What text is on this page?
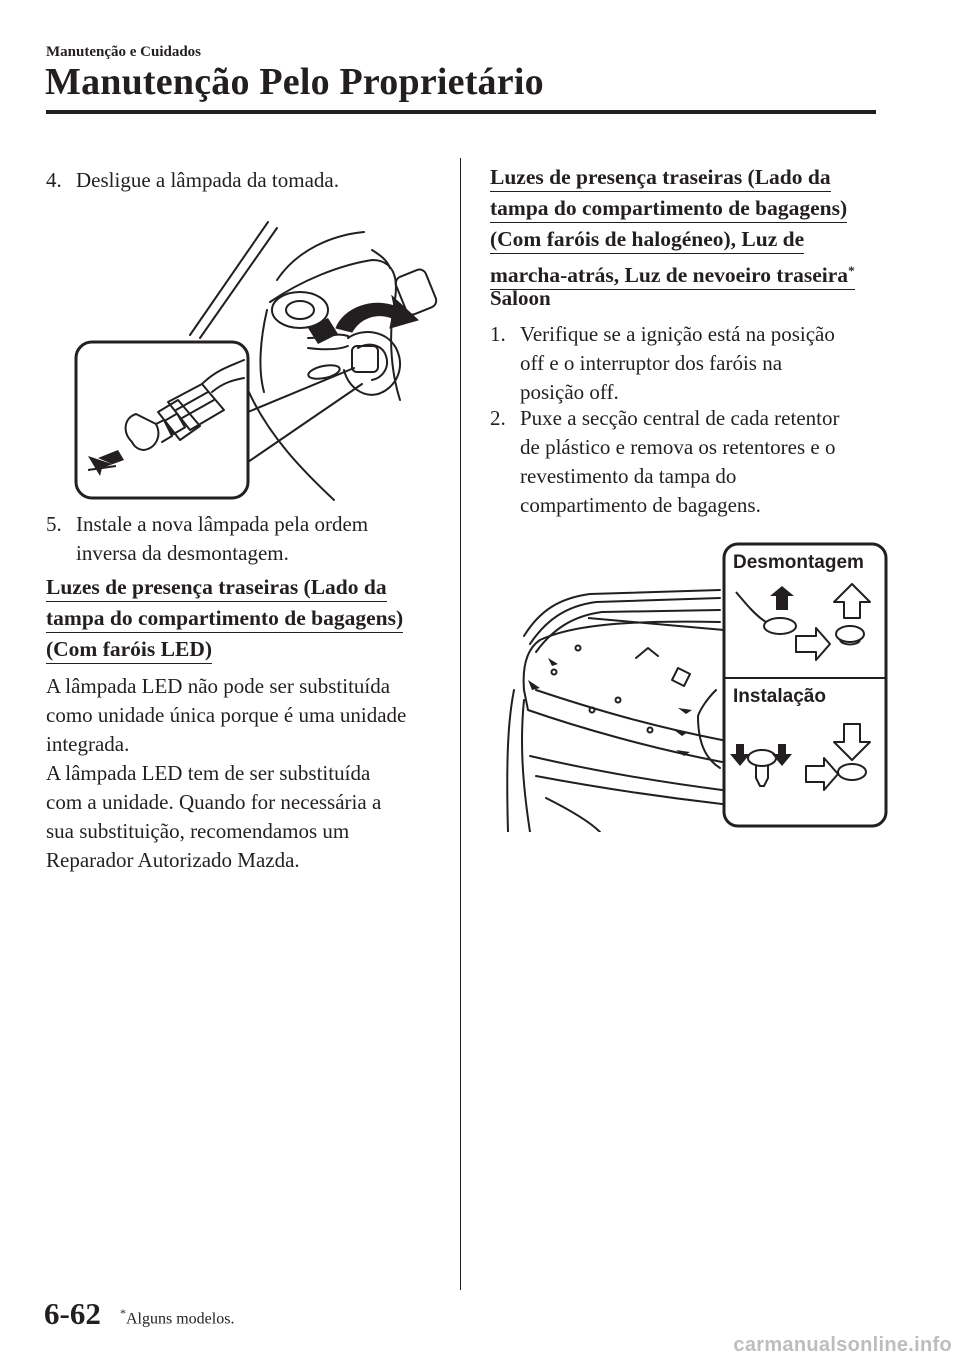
Manutenção e Cuidados
Manutenção Pelo Proprietário
4. Desligue a lâmpada da tomada.
5. Instale a nova lâmpada pela ordem
inversa da desmontagem.
Luzes de presença traseiras (Lado da
tampa do compartimento de bagagens)
(Com faróis LED)
A lâmpada LED não pode ser substituída
como unidade única porque é uma unidade
integrada.
A lâmpada LED tem de ser substituída
com a unidade. Quando for necessária a
sua substituição, recomendamos um
Reparador Autorizado Mazda.
Luzes de presença traseiras (Lado da
tampa do compartimento de bagagens)
(Com faróis de halogéneo), Luz de
marcha-atrás, Luz de nevoeiro traseira*
Saloon
1. Verifique se a ignição está na posição
off e o interruptor dos faróis na
posição off.
2. Puxe a secção central de cada retentor
de plástico e remova os retentores e o
revestimento da tampa do
compartimento de bagagens.
Desmontagem
Instalação
6-62 *Alguns modelos.
carmanualsonline.info
